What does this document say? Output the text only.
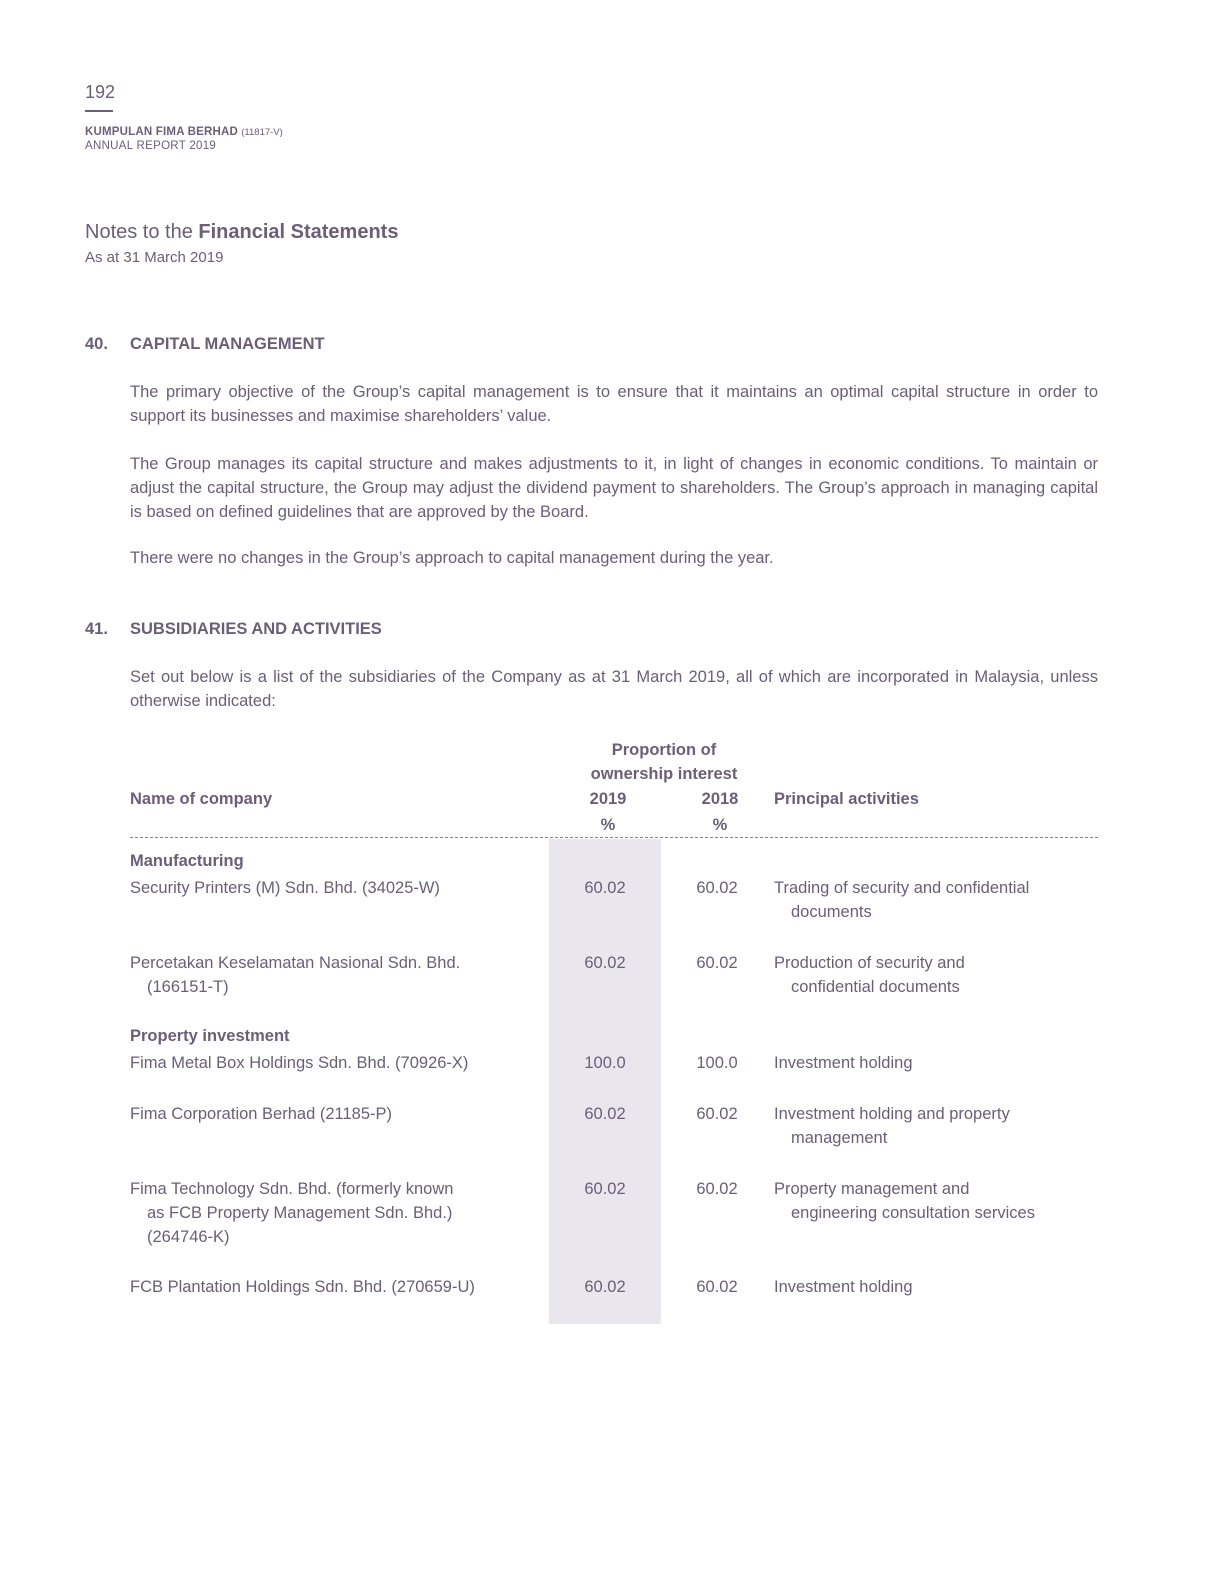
192
KUMPULAN FIMA BERHAD (11817-V)
ANNUAL REPORT 2019
Notes to the Financial Statements
As at 31 March 2019
40. CAPITAL MANAGEMENT
The primary objective of the Group’s capital management is to ensure that it maintains an optimal capital structure in order to support its businesses and maximise shareholders’ value.
The Group manages its capital structure and makes adjustments to it, in light of changes in economic conditions. To maintain or adjust the capital structure, the Group may adjust the dividend payment to shareholders. The Group’s approach in managing capital is based on defined guidelines that are approved by the Board.
There were no changes in the Group’s approach to capital management during the year.
41. SUBSIDIARIES AND ACTIVITIES
Set out below is a list of the subsidiaries of the Company as at 31 March 2019, all of which are incorporated in Malaysia, unless otherwise indicated:
Proportion of
ownership interest
Name of company	2019	2018	Principal activities
%	%
Manufacturing
Security Printers (M) Sdn. Bhd. (34025-W)	60.02	60.02	Trading of security and confidential
documents
Percetakan Keselamatan Nasional Sdn. Bhd.
(166151-T)
60.02	60.02	Production of security and
confidential documents
Property investment
Fima Metal Box Holdings Sdn. Bhd. (70926-X)	100.0	100.0	Investment holding
Fima Corporation Berhad (21185-P)	60.02	60.02	Investment holding and property
management
Fima Technology Sdn. Bhd. (formerly known
as FCB Property Management Sdn. Bhd.)
(264746-K)
60.02	60.02	Property management and
engineering consultation services
FCB Plantation Holdings Sdn. Bhd. (270659-U)	60.02	60.02	Investment holding
